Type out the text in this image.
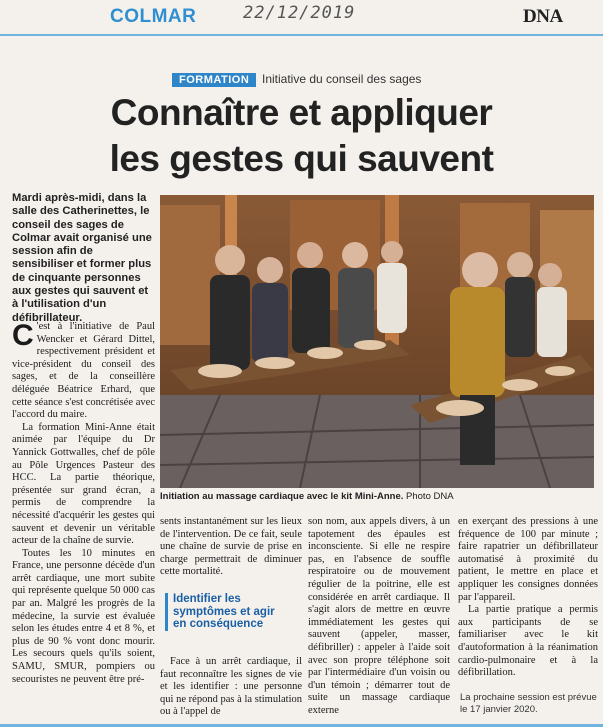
COLMAR	22/12/2019	DNA
FORMATION	Initiative du conseil des sages
Connaître et appliquer
les gestes qui sauvent
Mardi après-midi, dans la salle des Catherinettes, le conseil des sages de Colmar avait organisé une session afin de sensibiliser et former plus de cinquante personnes aux gestes qui sauvent et à l'utilisation d'un défibrillateur.

C 'est à l'initiative de Paul Wencker et Gérard Dittel, respectivement président et vice-président du conseil des sages, et de la conseillère déléguée Béatrice Erhard, que cette séance s'est concrétisée avec l'accord du maire.

La formation Mini-Anne était animée par l'équipe du Dr Yannick Gottwalles, chef de pôle au Pôle Urgences Pasteur des HCC. La partie théorique, présentée sur grand écran, a permis de comprendre la nécessité d'acquérir les gestes qui sauvent et devenir un véritable acteur de la chaîne de survie.

Toutes les 10 minutes en France, une personne décède d'un arrêt cardiaque, une mort subite qui représente quelque 50 000 cas par an. Malgré les progrès de la médecine, la survie est évaluée selon les études entre 4 et 8 %, et plus de 90 % vont donc mourir. Les secours quels qu'ils soient, SAMU, SMUR, pompiers ou secouristes ne peuvent être pré-

Initiation au massage cardiaque avec le kit Mini-Anne. Photo DNA

sents instantanément sur les lieux de l'intervention. De ce fait, seule une chaîne de survie de prise en charge permettrait de diminuer cette mortalité.

Identifier les symptômes et agir en conséquence

Face à un arrêt cardiaque, il faut reconnaître les signes de vie et les identifier : une personne qui ne répond pas à la stimulation ou à l'appel de

son nom, aux appels divers, à un tapotement des épaules est inconsciente. Si elle ne respire pas, en l'absence de souffle respiratoire ou de mouvement régulier de la poitrine, elle est considérée en arrêt cardiaque. Il s'agit alors de mettre en œuvre immédiatement les gestes qui sauvent (appeler, masser, défibriller) : appeler à l'aide soit avec son propre téléphone soit par l'intermédiaire d'un voisin ou d'un témoin ; démarrer tout de suite un massage cardiaque externe

en exerçant des pressions à une fréquence de 100 par minute ; faire rapatrier un défibrillateur automatisé à proximité du patient, le mettre en place et appliquer les consignes données par l'appareil.

La partie pratique a permis aux participants de se familiariser avec le kit d'autoformation à la réanimation cardio-pulmonaire et à la défibrillation.

La prochaine session est prévue le 17 janvier 2020.
